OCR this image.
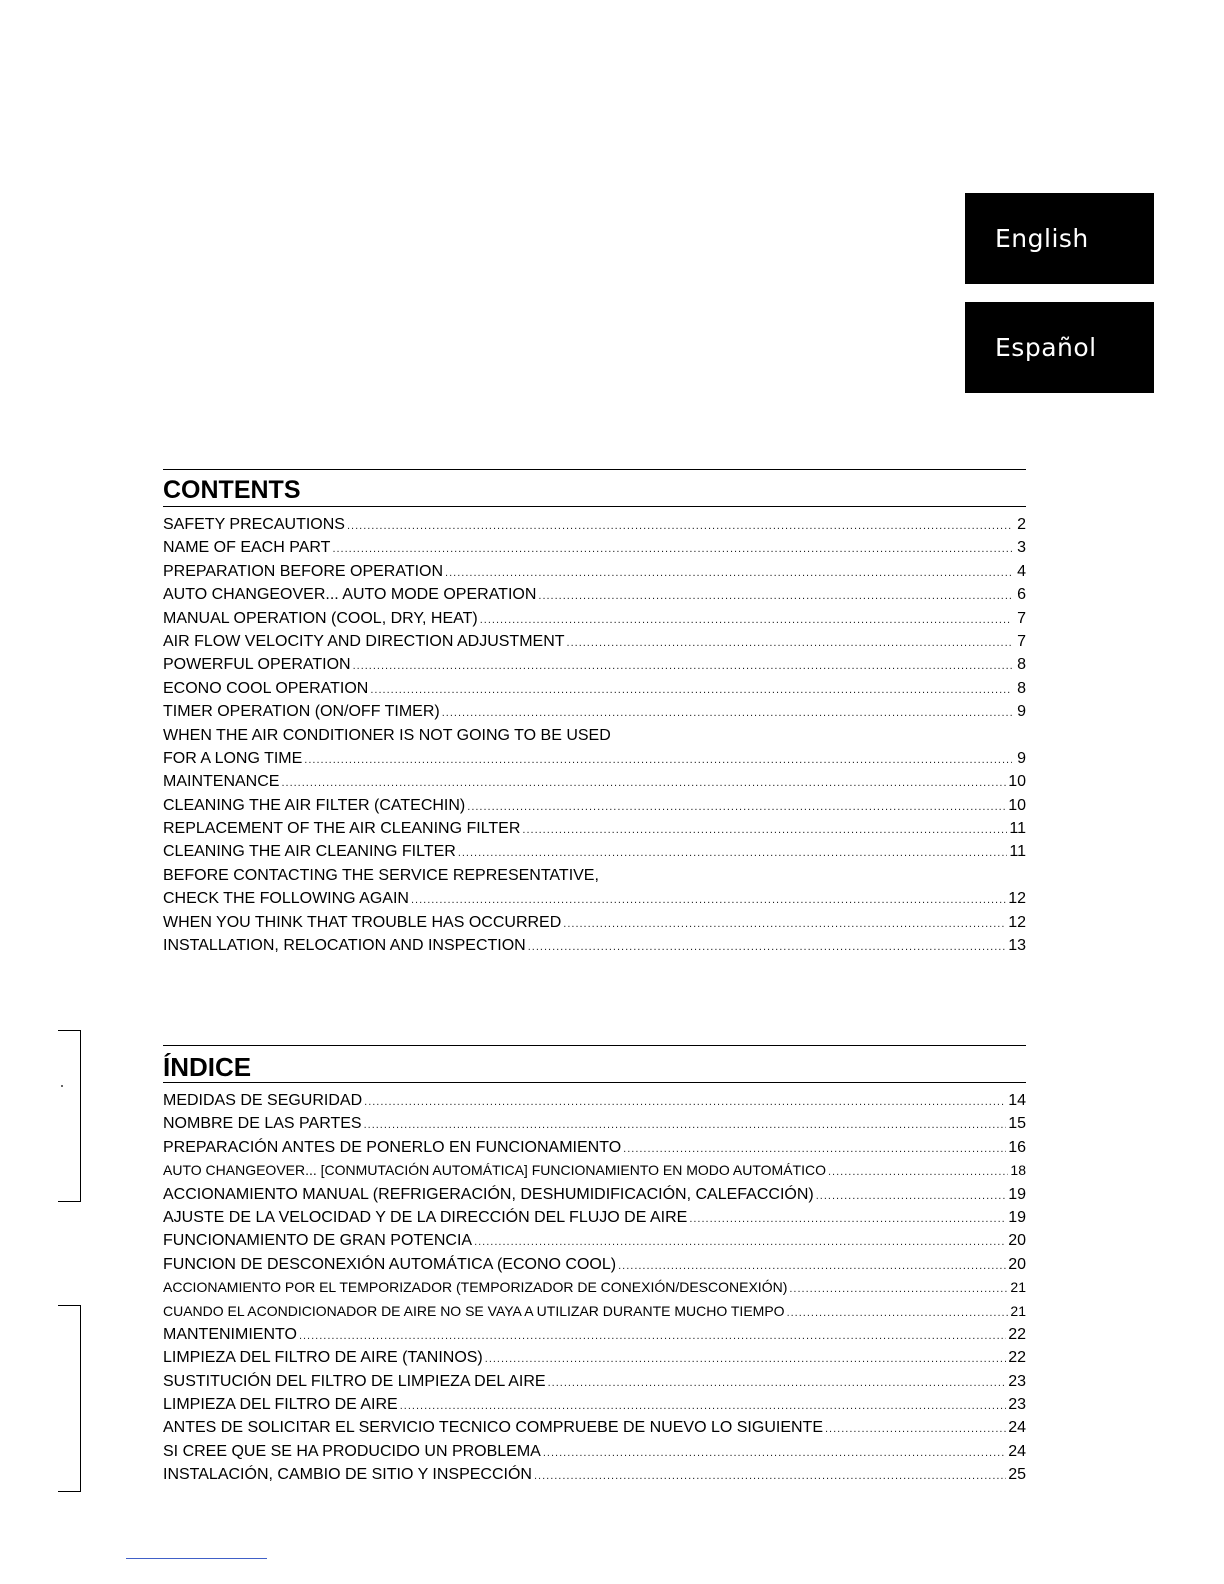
English
Español
CONTENTS
SAFETY PRECAUTIONS .....	2
NAME OF EACH PART .....	3
PREPARATION BEFORE OPERATION .....	4
AUTO CHANGEOVER... AUTO MODE OPERATION .....	6
MANUAL OPERATION (COOL, DRY, HEAT) .....	7
AIR FLOW VELOCITY AND DIRECTION ADJUSTMENT .....	7
POWERFUL OPERATION .....	8
ECONO COOL OPERATION .....	8
TIMER OPERATION (ON/OFF TIMER) .....	9
WHEN THE AIR CONDITIONER IS NOT GOING TO BE USED
FOR A LONG TIME .....	9
MAINTENANCE .....	10
CLEANING THE AIR FILTER (CATECHIN) .....	10
REPLACEMENT OF THE AIR CLEANING FILTER .....	11
CLEANING THE AIR CLEANING FILTER .....	11
BEFORE CONTACTING THE SERVICE REPRESENTATIVE,
CHECK THE FOLLOWING AGAIN .....	12
WHEN YOU THINK THAT TROUBLE HAS OCCURRED .....	12
INSTALLATION, RELOCATION AND INSPECTION .....	13
ÍNDICE
MEDIDAS DE SEGURIDAD .....	14
NOMBRE DE LAS PARTES .....	15
PREPARACIÓN ANTES DE PONERLO EN FUNCIONAMIENTO .....	16
AUTO CHANGEOVER... [CONMUTACIÓN AUTOMÁTICA] FUNCIONAMIENTO EN MODO AUTOMÁTICO .....	18
ACCIONAMIENTO MANUAL (REFRIGERACIÓN, DESHUMIDIFICACIÓN, CALEFACCIÓN) .....	19
AJUSTE DE LA VELOCIDAD Y DE LA DIRECCIÓN DEL FLUJO DE AIRE .....	19
FUNCIONAMIENTO DE GRAN POTENCIA .....	20
FUNCION DE DESCONEXIÓN AUTOMÁTICA (ECONO COOL) .....	20
ACCIONAMIENTO POR EL TEMPORIZADOR (TEMPORIZADOR DE CONEXIÓN/DESCONEXIÓN) .....	21
CUANDO EL ACONDICIONADOR DE AIRE NO SE VAYA A UTILIZAR DURANTE MUCHO TIEMPO .....	21
MANTENIMIENTO .....	22
LIMPIEZA DEL FILTRO DE AIRE (TANINOS) .....	22
SUSTITUCIÓN DEL FILTRO DE LIMPIEZA DEL AIRE .....	23
LIMPIEZA DEL FILTRO DE AIRE .....	23
ANTES DE SOLICITAR EL SERVICIO TECNICO COMPRUEBE DE NUEVO LO SIGUIENTE .....	24
SI CREE QUE SE HA PRODUCIDO UN PROBLEMA .....	24
INSTALACIÓN, CAMBIO DE SITIO Y INSPECCIÓN .....	25
